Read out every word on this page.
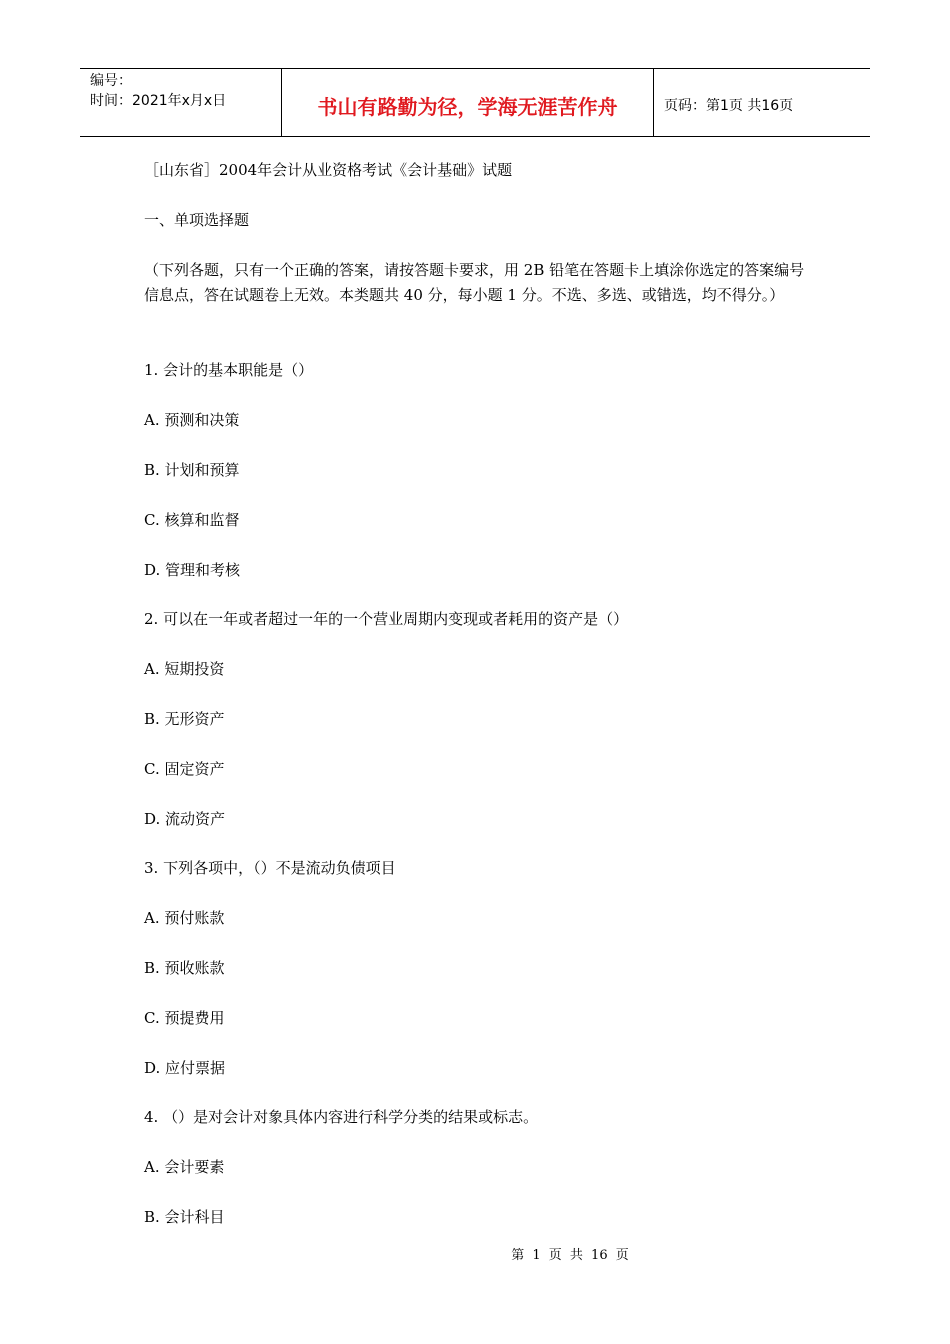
编号：
时间：2021年x月x日	书山有路勤为径，学海无涯苦作舟	页码：第1页 共16页
［山东省］2004年会计从业资格考试《会计基础》试题
一、单项选择题
（下列各题，只有一个正确的答案，请按答题卡要求，用 2B 铅笔在答题卡上填涂你选定的答案编号信息点，答在试题卷上无效。本类题共 40 分，每小题 1 分。不选、多选、或错选，均不得分。）
1. 会计的基本职能是（）
A. 预测和决策
B. 计划和预算
C. 核算和监督
D. 管理和考核
2. 可以在一年或者超过一年的一个营业周期内变现或者耗用的资产是（）
A. 短期投资
B. 无形资产
C. 固定资产
D. 流动资产
3. 下列各项中，（）不是流动负债项目
A. 预付账款
B. 预收账款
C. 预提费用
D. 应付票据
4. （）是对会计对象具体内容进行科学分类的结果或标志。
A. 会计要素
B. 会计科目
第 1 页 共 16 页
